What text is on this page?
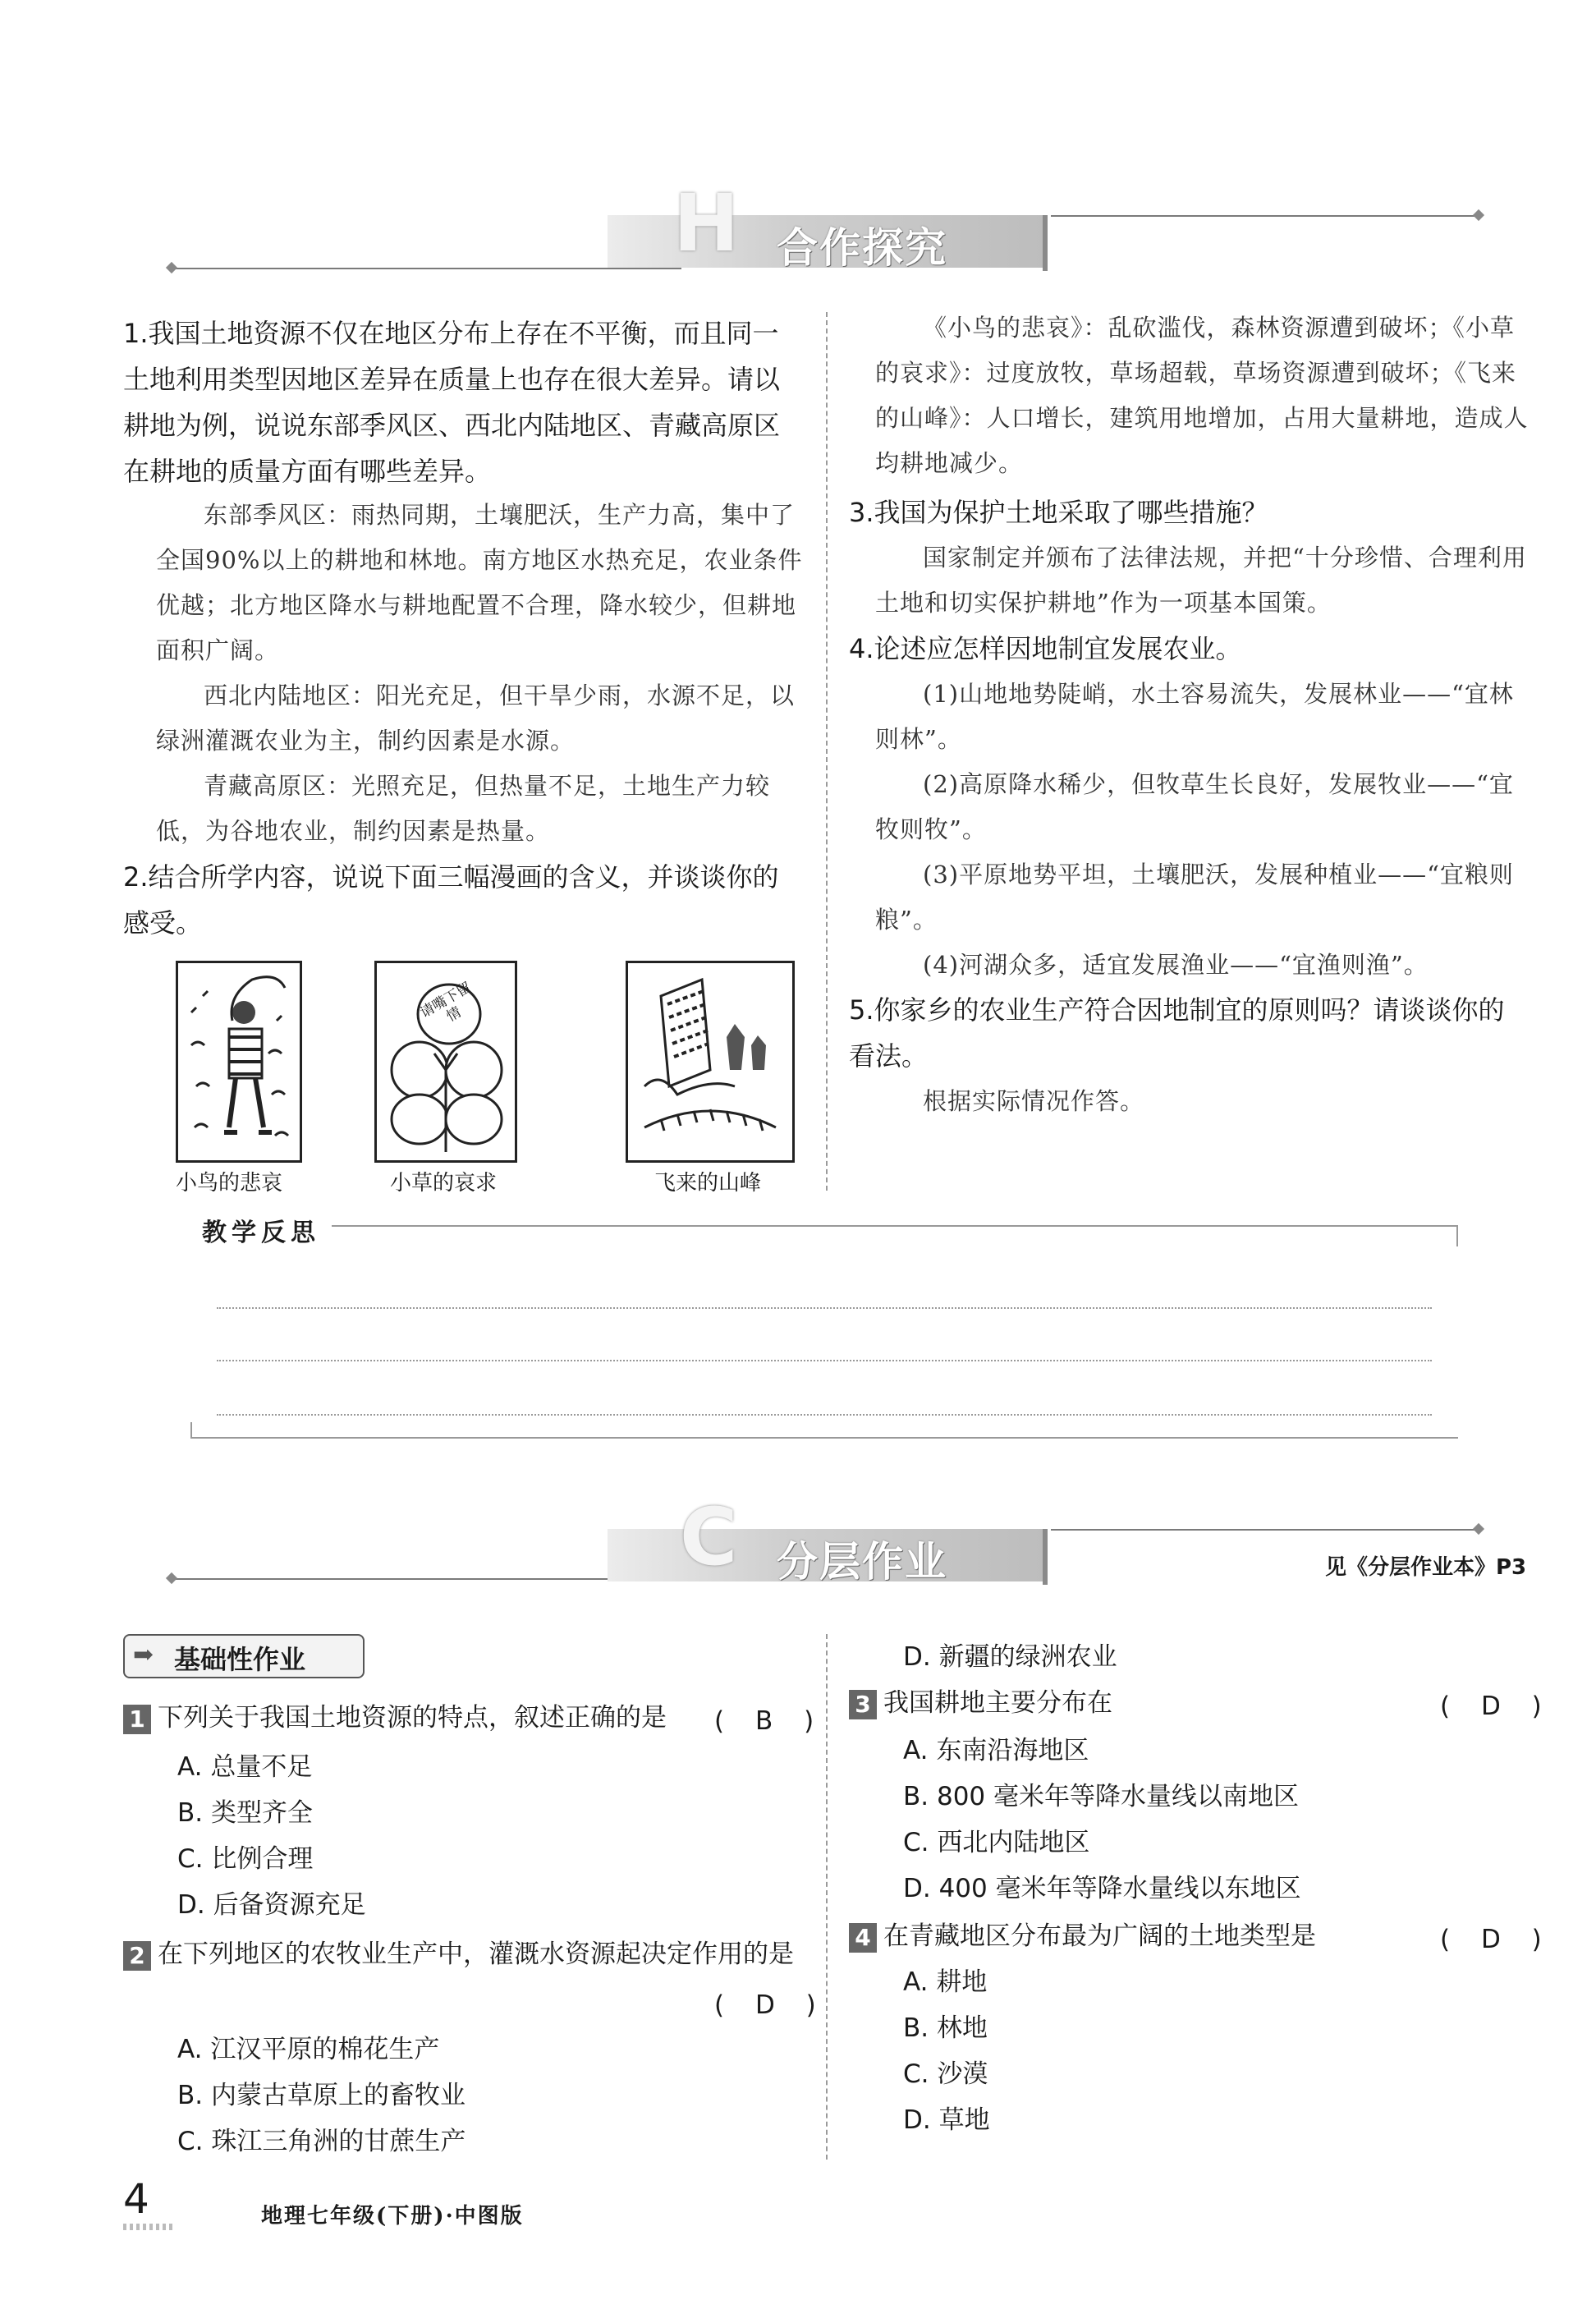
H 合作探究
1.我国土地资源不仅在地区分布上存在不平衡，而且同一土地利用类型因地区差异在质量上也存在很大差异。请以耕地为例，说说东部季风区、西北内陆地区、青藏高原区在耕地的质量方面有哪些差异。
东部季风区：雨热同期，土壤肥沃，生产力高，集中了全国90%以上的耕地和林地。南方地区水热充足，农业条件优越；北方地区降水与耕地配置不合理，降水较少，但耕地面积广阔。
西北内陆地区：阳光充足，但干旱少雨，水源不足，以绿洲灌溉农业为主，制约因素是水源。
青藏高原区：光照充足，但热量不足，土地生产力较低，为谷地农业，制约因素是热量。
2.结合所学内容，说说下面三幅漫画的含义，并谈谈你的感受。
请嘴下留情
小鸟的悲哀	小草的哀求	飞来的山峰
《小鸟的悲哀》：乱砍滥伐，森林资源遭到破坏；《小草的哀求》：过度放牧，草场超载，草场资源遭到破坏；《飞来的山峰》：人口增长，建筑用地增加，占用大量耕地，造成人均耕地减少。
3.我国为保护土地采取了哪些措施？
国家制定并颁布了法律法规，并把“十分珍惜、合理利用土地和切实保护耕地”作为一项基本国策。
4.论述应怎样因地制宜发展农业。
(1)山地地势陡峭，水土容易流失，发展林业——“宜林则林”。
(2)高原降水稀少，但牧草生长良好，发展牧业——“宜牧则牧”。
(3)平原地势平坦，土壤肥沃，发展种植业——“宜粮则粮”。
(4)河湖众多，适宜发展渔业——“宜渔则渔”。
5.你家乡的农业生产符合因地制宜的原则吗？请谈谈你的看法。
根据实际情况作答。
教学反思
C 分层作业	见《分层作业本》P3
➡ 基础性作业
1 下列关于我国土地资源的特点，叙述正确的是	( B )
A. 总量不足
B. 类型齐全
C. 比例合理
D. 后备资源充足
2 在下列地区的农牧业生产中，灌溉水资源起决定作用的是
( D )
A. 江汉平原的棉花生产
B. 内蒙古草原上的畜牧业
C. 珠江三角洲的甘蔗生产
D. 新疆的绿洲农业
3 我国耕地主要分布在	( D )
A. 东南沿海地区
B. 800 毫米年等降水量线以南地区
C. 西北内陆地区
D. 400 毫米年等降水量线以东地区
4 在青藏地区分布最为广阔的土地类型是	( D )
A. 耕地
B. 林地
C. 沙漠
D. 草地
4	地理七年级(下册)·中图版
